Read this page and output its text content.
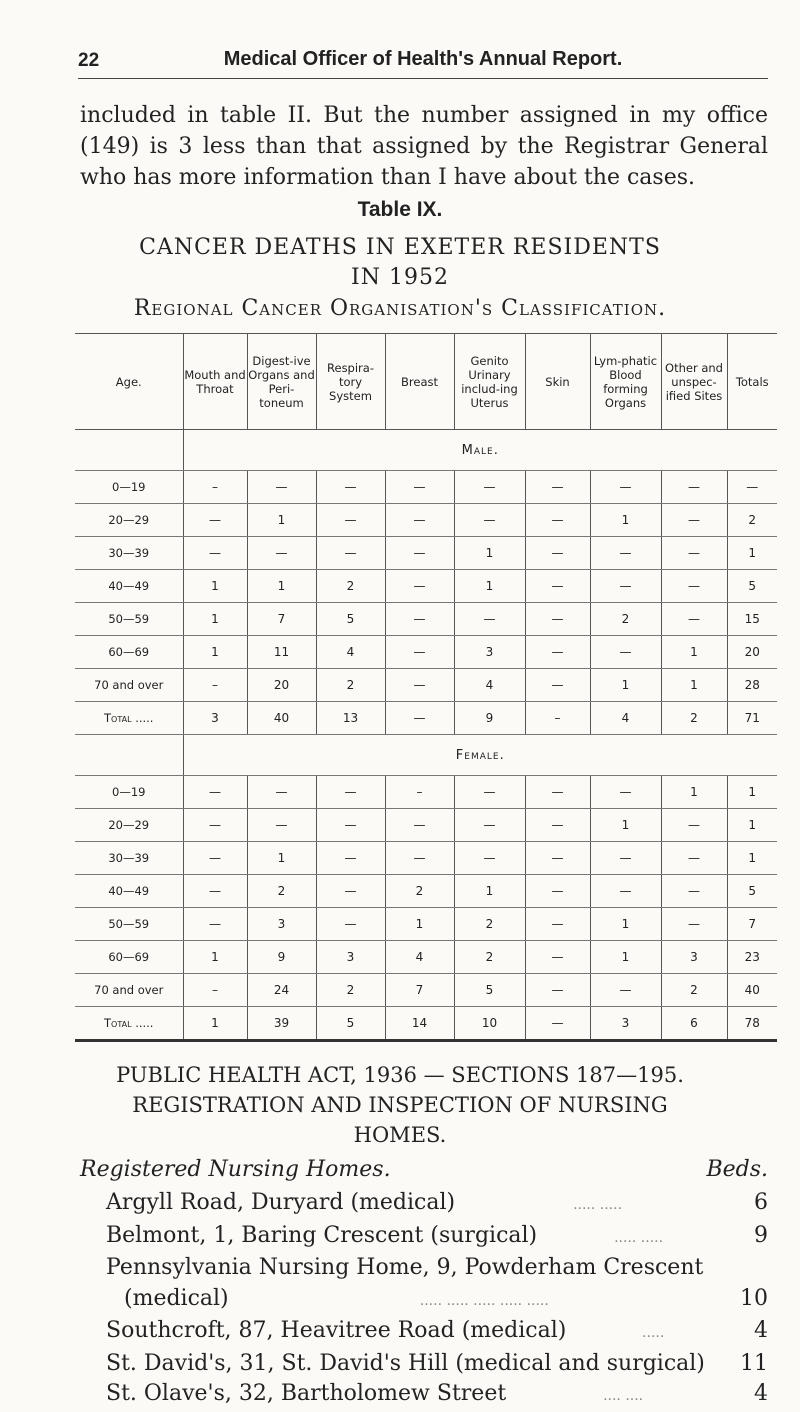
22	Medical Officer of Health's Annual Report.
included in table II. But the number assigned in my office (149) is 3 less than that assigned by the Registrar General who has more information than I have about the cases.
Table IX.
CANCER DEATHS IN EXETER RESIDENTS
IN 1952
Regional Cancer Organisation's Classification.
Age.	Mouth and Throat	Digest-ive Organs and Peri-toneum	Respira-tory System	Breast	Genito Urinary includ-ing Uterus	Skin	Lym-phatic Blood forming Organs	Other and unspec-ified Sites	Totals
	Male.								
0—19	–	—	—	—	—	—	—	—	—
20—29	—	1	—	—	—	—	1	—	2
30—39	—	—	—	—	1	—	—	—	1
40—49	1	1	2	—	1	—	—	—	5
50—59	1	7	5	—	—	—	2	—	15
60—69	1	11	4	—	3	—	—	1	20
70 and over	–	20	2	—	4	—	1	1	28
Total .....	3	40	13	—	9	–	4	2	71
	Female.								
0—19	—	—	—	–	—	—	—	1	1
20—29	—	—	—	—	—	—	1	—	1
30—39	—	1	—	—	—	—	—	—	1
40—49	—	2	—	2	1	—	—	—	5
50—59	—	3	—	1	2	—	1	—	7
60—69	1	9	3	4	2	—	1	3	23
70 and over	–	24	2	7	5	—	—	2	40
Total .....	1	39	5	14	10	—	3	6	78
PUBLIC HEALTH ACT, 1936 — SECTIONS 187—195.
REGISTRATION AND INSPECTION OF NURSING
HOMES.
Registered Nursing Homes.	Beds.
Argyll Road, Duryard (medical)	..... .....	6
Belmont, 1, Baring Crescent (surgical)	..... .....	9
Pennsylvania Nursing Home, 9, Powderham Crescent
(medical)	..... ..... ..... ..... .....	10
Southcroft, 87, Heavitree Road (medical)	.....	4
St. David's, 31, St. David's Hill (medical and surgical) 11
St. Olave's, 32, Bartholomew Street	.... ....	4
